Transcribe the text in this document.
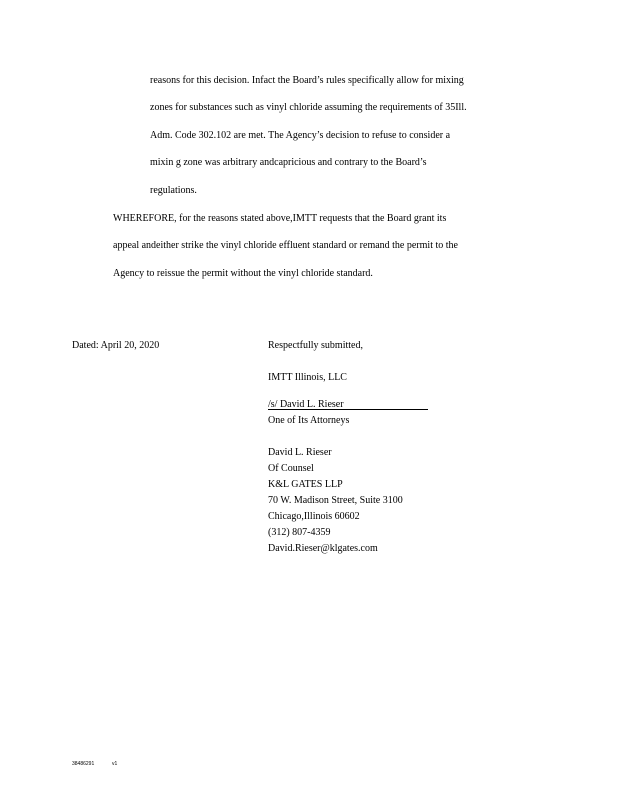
reasons for this decision. Infact the Board’s rules specifically allow for mixing
zones for substances such as vinyl chloride assuming the requirements of 35Ill.
Adm. Code 302.102 are met. The Agency’s decision to refuse to consider a
mixin g zone was arbitrary andcapricious and contrary to the Board’s
regulations.
WHEREFORE, for the reasons stated above,IMTT requests that the Board grant its
appeal andeither strike the vinyl chloride effluent standard or remand the permit to the
Agency to reissue the permit without the vinyl chloride standard.
Dated: April 20, 2020	Respectfully submitted,
IMTT Illinois, LLC
/s/ David L. Rieser
One of Its Attorneys
David L. Rieser
Of Counsel
K&L GATES LLP
70 W. Madison Street, Suite 3100
Chicago,Illinois 60602
(312) 807-4359
David.Rieser@klgates.com
38486291	v1
